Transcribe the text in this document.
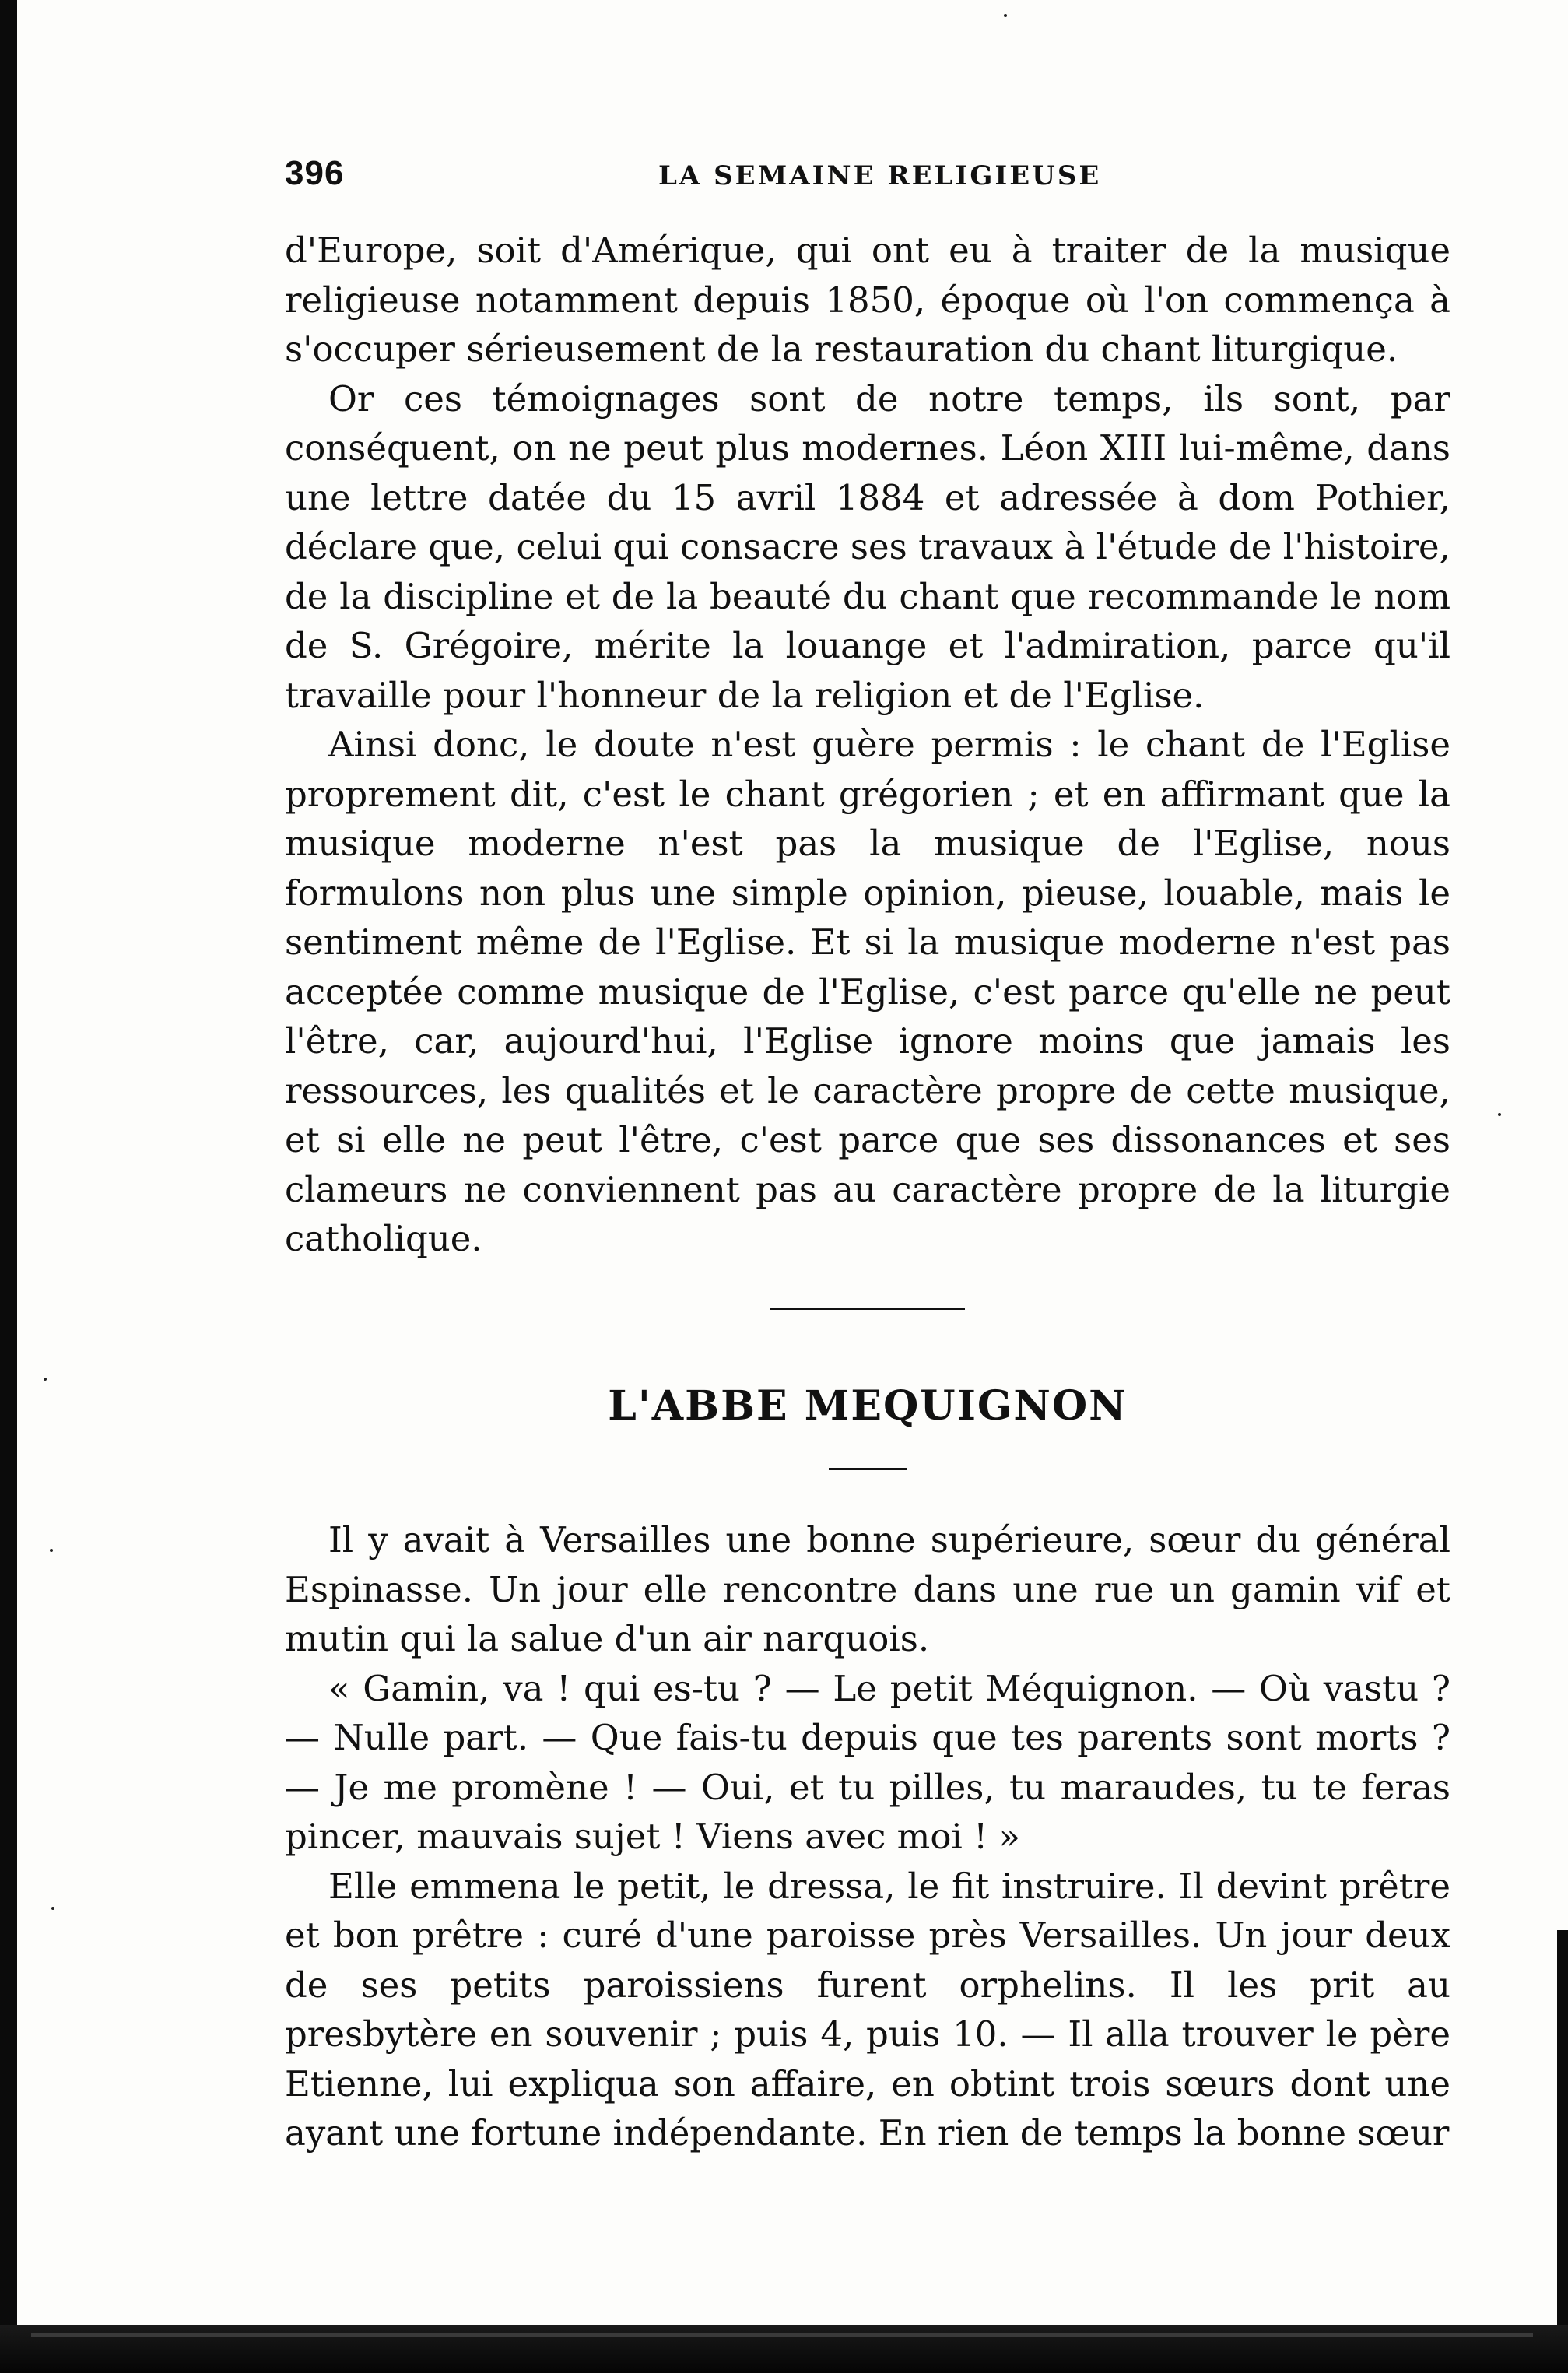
396	LA SEMAINE RELIGIEUSE

d'Europe, soit d'Amérique, qui ont eu à traiter de la musique religieuse notamment depuis 1850, époque où l'on commença à s'occuper sérieusement de la restauration du chant liturgique.

Or ces témoignages sont de notre temps, ils sont, par conséquent, on ne peut plus modernes. Léon XIII lui-même, dans une lettre datée du 15 avril 1884 et adressée à dom Pothier, déclare que, celui qui consacre ses travaux à l'étude de l'histoire, de la discipline et de la beauté du chant que recommande le nom de S. Grégoire, mérite la louange et l'admiration, parce qu'il travaille pour l'honneur de la religion et de l'Eglise.

Ainsi donc, le doute n'est guère permis : le chant de l'Eglise proprement dit, c'est le chant grégorien ; et en affirmant que la musique moderne n'est pas la musique de l'Eglise, nous formulons non plus une simple opinion, pieuse, louable, mais le sentiment même de l'Eglise. Et si la musique moderne n'est pas acceptée comme musique de l'Eglise, c'est parce qu'elle ne peut l'être, car, aujourd'hui, l'Eglise ignore moins que jamais les ressources, les qualités et le caractère propre de cette musique, et si elle ne peut l'être, c'est parce que ses dissonances et ses clameurs ne conviennent pas au caractère propre de la liturgie catholique.

L'ABBE MEQUIGNON

Il y avait à Versailles une bonne supérieure, sœur du général Espinasse. Un jour elle rencontre dans une rue un gamin vif et mutin qui la salue d'un air narquois.

« Gamin, va ! qui es-tu ? — Le petit Méquignon. — Où vastu ? — Nulle part. — Que fais-tu depuis que tes parents sont morts ? — Je me promène ! — Oui, et tu pilles, tu maraudes, tu te feras pincer, mauvais sujet ! Viens avec moi ! »

Elle emmena le petit, le dressa, le fit instruire. Il devint prêtre et bon prêtre : curé d'une paroisse près Versailles. Un jour deux de ses petits paroissiens furent orphelins. Il les prit au presbytère en souvenir ; puis 4, puis 10. — Il alla trouver le père Etienne, lui expliqua son affaire, en obtint trois sœurs dont une ayant une fortune indépendante. En rien de temps la bonne sœur
